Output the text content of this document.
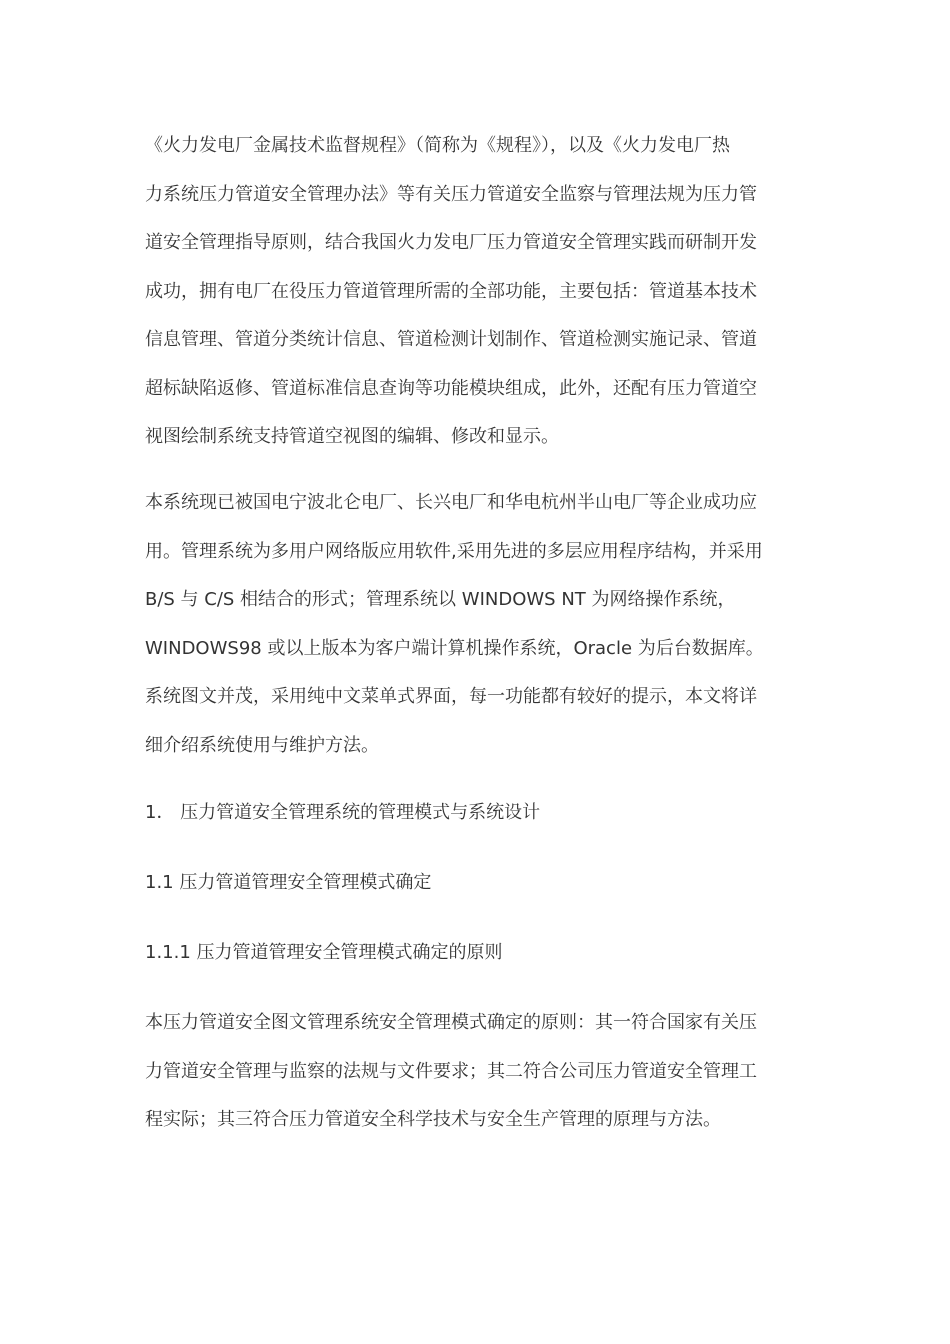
《火力发电厂金属技术监督规程》（简称为《规程》），以及《火力发电厂热
力系统压力管道安全管理办法》等有关压力管道安全监察与管理法规为压力管
道安全管理指导原则，结合我国火力发电厂压力管道安全管理实践而研制开发
成功，拥有电厂在役压力管道管理所需的全部功能，主要包括：管道基本技术
信息管理、管道分类统计信息、管道检测计划制作、管道检测实施记录、管道
超标缺陷返修、管道标准信息查询等功能模块组成，此外，还配有压力管道空
视图绘制系统支持管道空视图的编辑、修改和显示。
本系统现已被国电宁波北仑电厂、长兴电厂和华电杭州半山电厂等企业成功应
用。管理系统为多用户网络版应用软件,采用先进的多层应用程序结构，并采用
B/S 与 C/S 相结合的形式；管理系统以 WINDOWS NT 为网络操作系统，
WINDOWS98 或以上版本为客户端计算机操作系统，Oracle 为后台数据库。
系统图文并茂，采用纯中文菜单式界面，每一功能都有较好的提示，本文将详
细介绍系统使用与维护方法。
1． 压力管道安全管理系统的管理模式与系统设计
1.1 压力管道管理安全管理模式确定
1.1.1 压力管道管理安全管理模式确定的原则
本压力管道安全图文管理系统安全管理模式确定的原则：其一符合国家有关压
力管道安全管理与监察的法规与文件要求；其二符合公司压力管道安全管理工
程实际；其三符合压力管道安全科学技术与安全生产管理的原理与方法。
